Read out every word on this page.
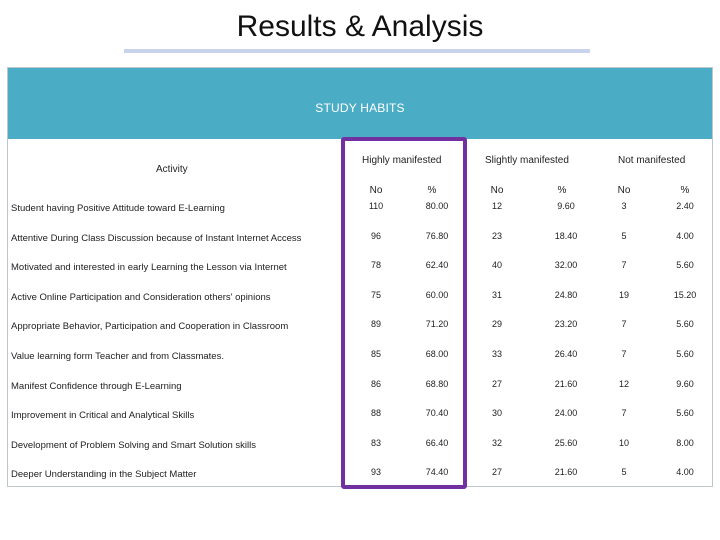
Results & Analysis
STUDY HABITS
Activity
Highly manifested	Slightly manifested	Not manifested
No	%	No	%	No	%
Student having Positive Attitude toward E-Learning	110	80.00	12	9.60	3	2.40
Attentive During Class Discussion because of Instant Internet Access	96	76.80	23	18.40	5	4.00
Motivated and interested in early Learning the Lesson via Internet	78	62.40	40	32.00	7	5.60
Active Online Participation and Consideration others' opinions	75	60.00	31	24.80	19	15.20
Appropriate Behavior, Participation and Cooperation in Classroom	89	71.20	29	23.20	7	5.60
Value learning form Teacher and from Classmates.	85	68.00	33	26.40	7	5.60
Manifest Confidence through E-Learning	86	68.80	27	21.60	12	9.60
Improvement in Critical and Analytical Skills	88	70.40	30	24.00	7	5.60
Development of Problem Solving and Smart Solution skills	83	66.40	32	25.60	10	8.00
Deeper Understanding in the Subject Matter	93	74.40	27	21.60	5	4.00
